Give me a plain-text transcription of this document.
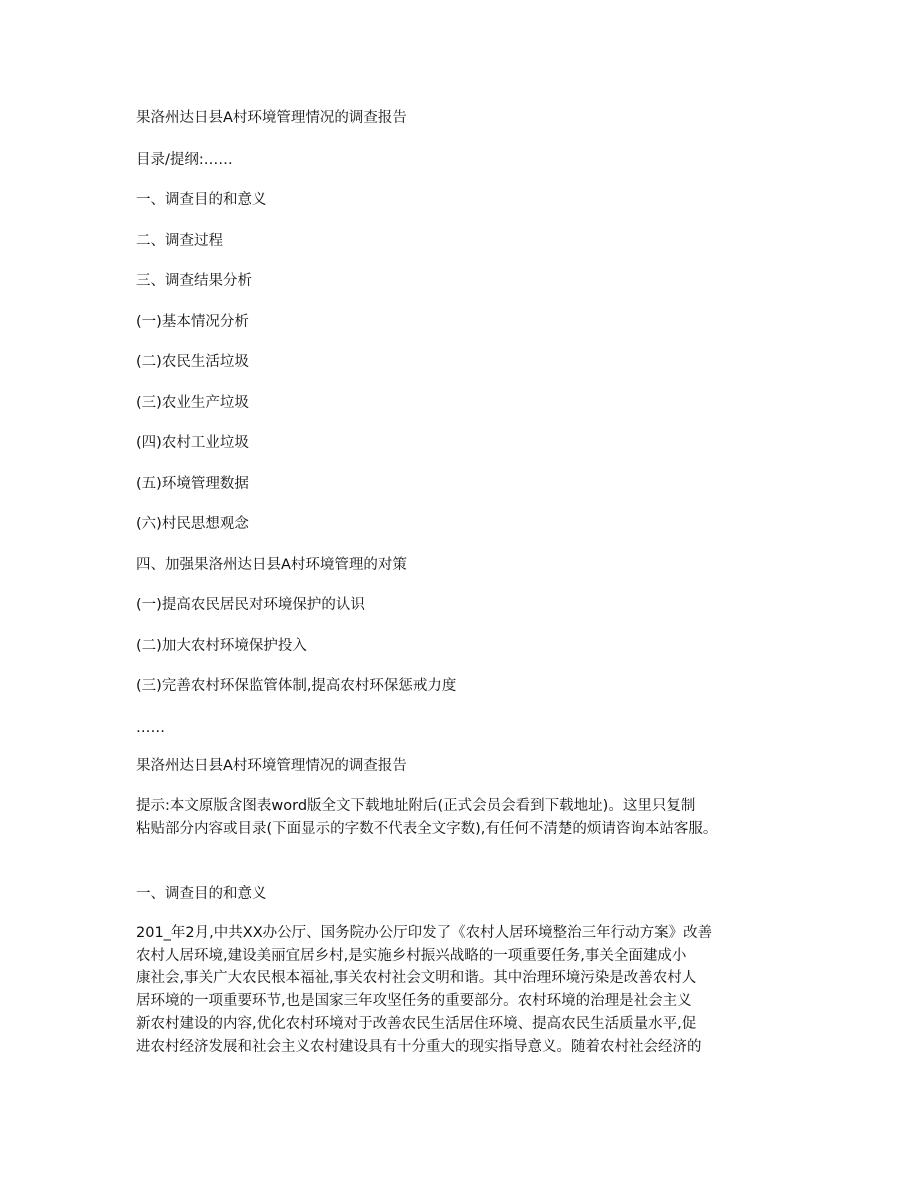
果洛州达日县A村环境管理情况的调查报告
目录/提纲:……
一、调查目的和意义
二、调查过程
三、调查结果分析
(一)基本情况分析
(二)农民生活垃圾
(三)农业生产垃圾
(四)农村工业垃圾
(五)环境管理数据
(六)村民思想观念
四、加强果洛州达日县A村环境管理的对策
(一)提高农民居民对环境保护的认识
(二)加大农村环境保护投入
(三)完善农村环保监管体制,提高农村环保惩戒力度
……
果洛州达日县A村环境管理情况的调查报告
提示:本文原版含图表word版全文下载地址附后(正式会员会看到下载地址)。这里只复制
粘贴部分内容或目录(下面显示的字数不代表全文字数),有任何不清楚的烦请咨询本站客服。
一、调查目的和意义
201_年2月,中共XX办公厅、国务院办公厅印发了《农村人居环境整治三年行动方案》改善
农村人居环境,建设美丽宜居乡村,是实施乡村振兴战略的一项重要任务,事关全面建成小
康社会,事关广大农民根本福祉,事关农村社会文明和谐。其中治理环境污染是改善农村人
居环境的一项重要环节,也是国家三年攻坚任务的重要部分。农村环境的治理是社会主义
新农村建设的内容,优化农村环境对于改善农民生活居住环境、提高农民生活质量水平,促
进农村经济发展和社会主义农村建设具有十分重大的现实指导意义。随着农村社会经济的
